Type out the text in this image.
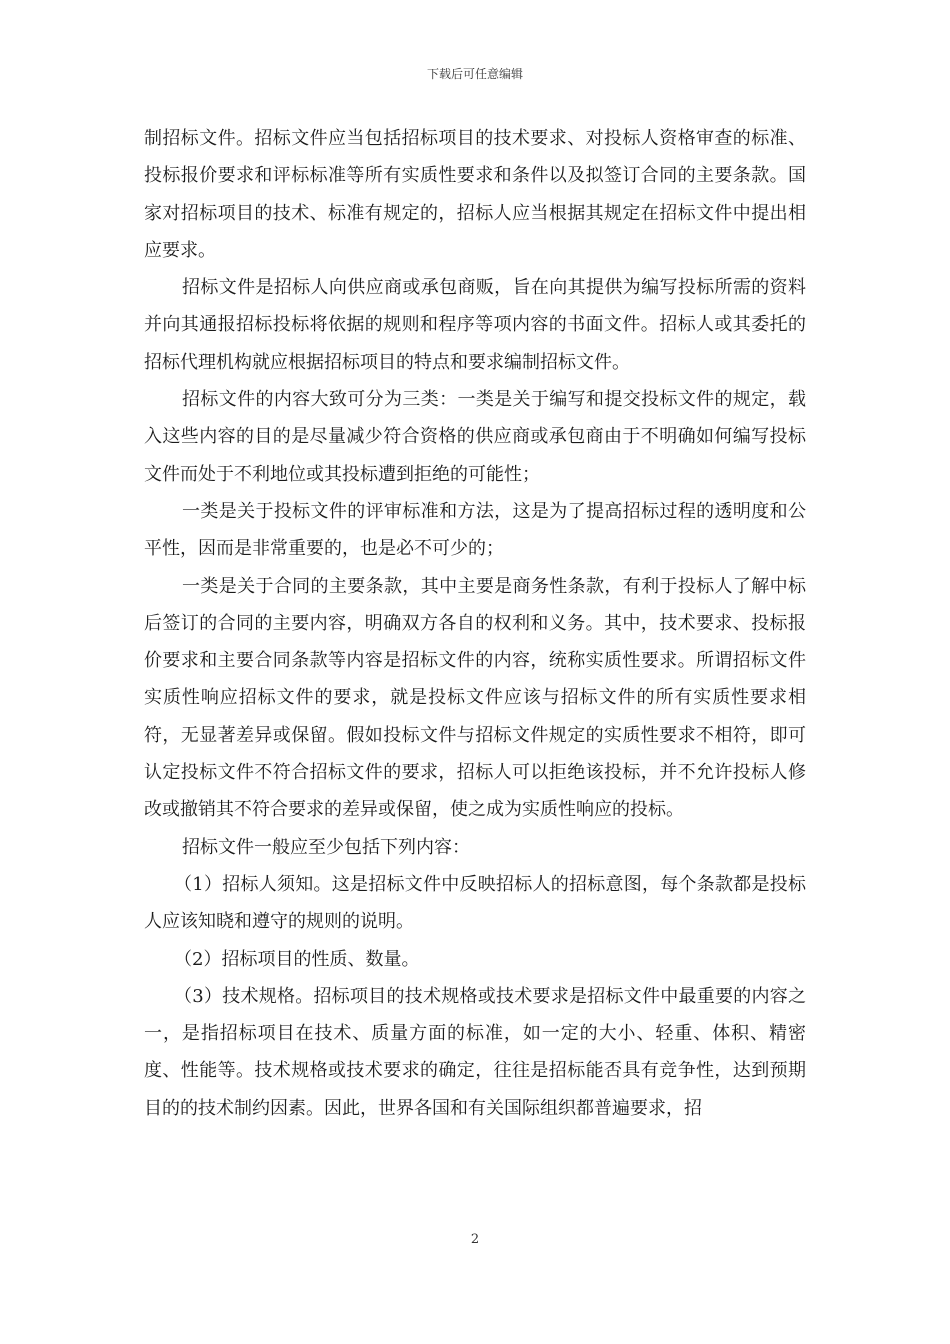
下载后可任意编辑

制招标文件。招标文件应当包括招标项目的技术要求、对投标人资格审查的标准、投标报价要求和评标标准等所有实质性要求和条件以及拟签订合同的主要条款。国家对招标项目的技术、标准有规定的，招标人应当根据其规定在招标文件中提出相应要求。

招标文件是招标人向供应商或承包商贩，旨在向其提供为编写投标所需的资料并向其通报招标投标将依据的规则和程序等项内容的书面文件。招标人或其委托的招标代理机构就应根据招标项目的特点和要求编制招标文件。

招标文件的内容大致可分为三类：一类是关于编写和提交投标文件的规定，载入这些内容的目的是尽量减少符合资格的供应商或承包商由于不明确如何编写投标文件而处于不利地位或其投标遭到拒绝的可能性；

一类是关于投标文件的评审标准和方法，这是为了提高招标过程的透明度和公平性，因而是非常重要的，也是必不可少的；

一类是关于合同的主要条款，其中主要是商务性条款，有利于投标人了解中标后签订的合同的主要内容，明确双方各自的权利和义务。其中，技术要求、投标报价要求和主要合同条款等内容是招标文件的内容，统称实质性要求。所谓招标文件实质性响应招标文件的要求，就是投标文件应该与招标文件的所有实质性要求相符，无显著差异或保留。假如投标文件与招标文件规定的实质性要求不相符，即可认定投标文件不符合招标文件的要求，招标人可以拒绝该投标，并不允许投标人修改或撤销其不符合要求的差异或保留，使之成为实质性响应的投标。

招标文件一般应至少包括下列内容：

（1）招标人须知。这是招标文件中反映招标人的招标意图，每个条款都是投标人应该知晓和遵守的规则的说明。

（2）招标项目的性质、数量。

（3）技术规格。招标项目的技术规格或技术要求是招标文件中最重要的内容之一，是指招标项目在技术、质量方面的标准，如一定的大小、轻重、体积、精密度、性能等。技术规格或技术要求的确定，往往是招标能否具有竞争性，达到预期目的的技术制约因素。因此，世界各国和有关国际组织都普遍要求，招

2
